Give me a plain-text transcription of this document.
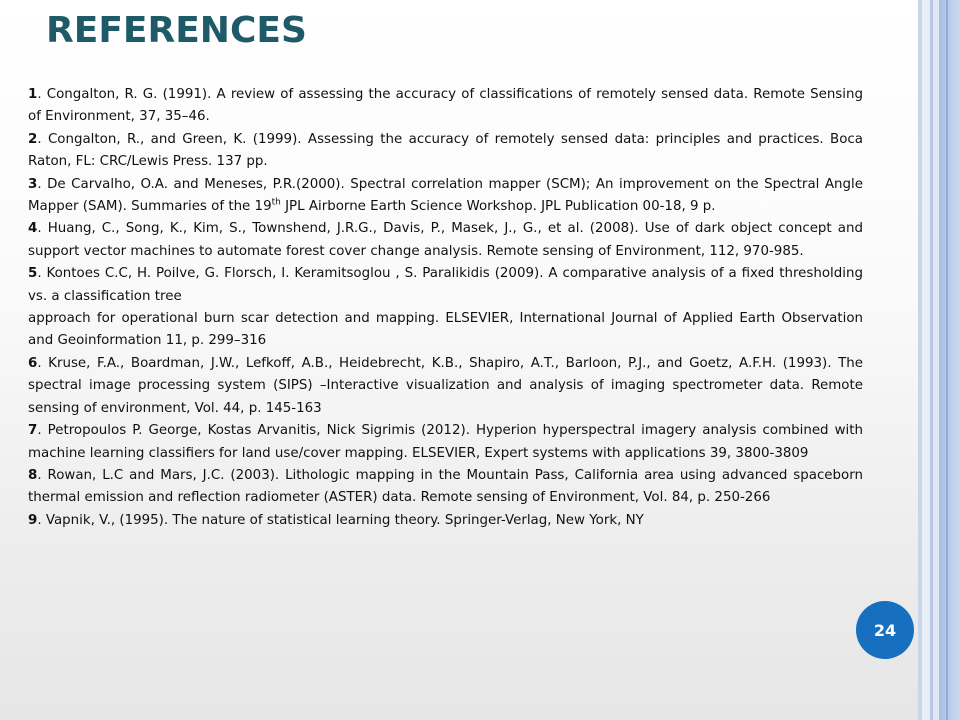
REFERENCES

1. Congalton, R. G. (1991). A review of assessing the accuracy of classifications of remotely sensed data. Remote Sensing of Environment, 37, 35–46.

2. Congalton, R., and Green, K. (1999). Assessing the accuracy of remotely sensed data: principles and practices. Boca Raton, FL: CRC/Lewis Press. 137 pp.

3. De Carvalho, O.A. and Meneses, P.R.(2000). Spectral correlation mapper (SCM); An improvement on the Spectral Angle Mapper (SAM). Summaries of the 19th JPL Airborne Earth Science Workshop. JPL Publication 00-18, 9 p.

4. Huang, C., Song, K., Kim, S., Townshend, J.R.G., Davis, P., Masek, J., G., et al. (2008). Use of dark object concept and support vector machines to automate forest cover change analysis. Remote sensing of Environment, 112, 970-985.

5. Kontoes C.C, H. Poilve, G. Florsch, I. Keramitsoglou , S. Paralikidis (2009). A comparative analysis of a fixed thresholding vs. a classification tree

approach for operational burn scar detection and mapping. ELSEVIER, International Journal of Applied Earth Observation and Geoinformation 11, p. 299–316

6. Kruse, F.A., Boardman, J.W., Lefkoff, A.B., Heidebrecht, K.B., Shapiro, A.T., Barloon, P.J., and Goetz, A.F.H. (1993). The spectral image processing system (SIPS) –Interactive visualization and analysis of imaging spectrometer data. Remote sensing of environment, Vol. 44, p. 145-163

7. Petropoulos P. George, Kostas Arvanitis, Nick Sigrimis (2012). Hyperion hyperspectral imagery analysis combined with machine learning classifiers for land use/cover mapping. ELSEVIER, Expert systems with applications 39, 3800-3809

8. Rowan, L.C and Mars, J.C. (2003). Lithologic mapping in the Mountain Pass, California area using advanced spaceborn thermal emission and reflection radiometer (ASTER) data. Remote sensing of Environment, Vol. 84, p. 250-266

9. Vapnik, V., (1995). The nature of statistical learning theory. Springer-Verlag, New York, NY

24
